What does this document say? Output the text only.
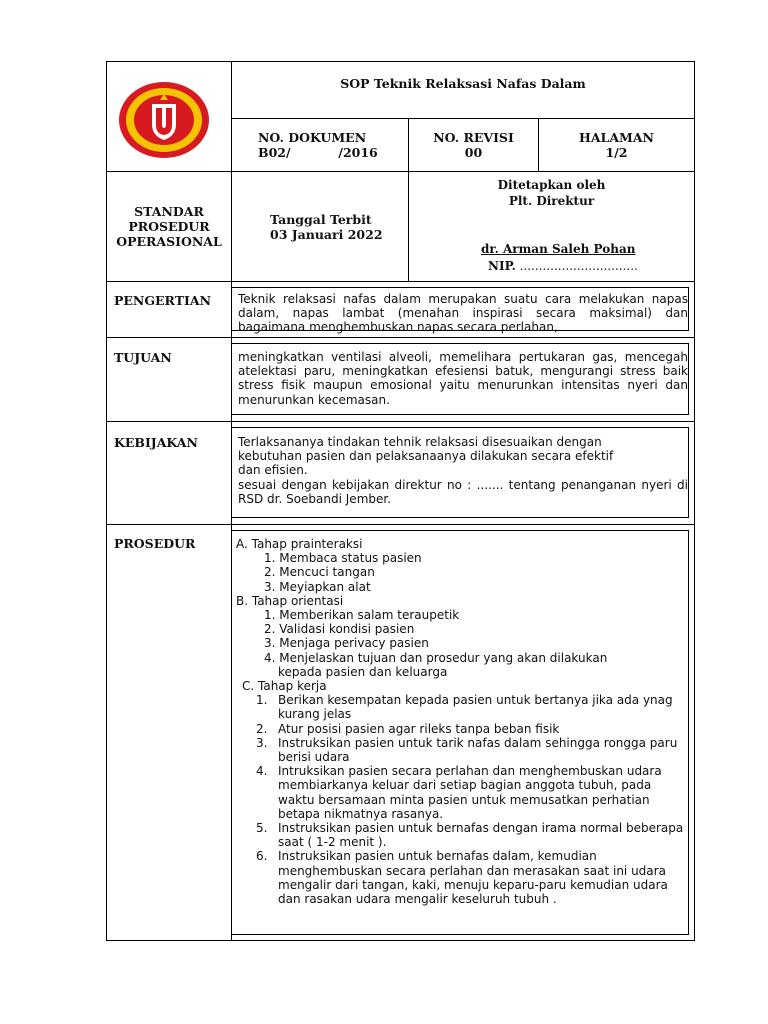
SOP Teknik Relaksasi Nafas Dalam
NO. DOKUMEN
B02/           /2016
NO. REVISI
00
HALAMAN
1/2
STANDAR
PROSEDUR
OPERASIONAL
Tanggal Terbit
03 Januari 2022
Ditetapkan oleh
Plt. Direktur
dr. Arman Saleh Pohan
NIP. ...............................
PENGERTIAN Teknik relaksasi nafas dalam merupakan suatu cara melakukan napas dalam, napas lambat (menahan inspirasi secara maksimal) dan bagaimana menghembuskan napas secara perlahan,
TUJUAN	meningkatkan ventilasi alveoli, memelihara pertukaran gas, mencegah atelektasi paru, meningkatkan efesiensi batuk, mengurangi stress baik stress fisik maupun emosional yaitu menurunkan intensitas nyeri dan menurunkan kecemasan.
KEBIJAKAN	Terlaksananya tindakan tehnik relaksasi disesuaikan dengan
kebutuhan pasien dan pelaksanaanya dilakukan secara efektif
dan efisien.
sesuai dengan kebijakan direktur no : ....... tentang penanganan nyeri di RSD dr. Soebandi Jember.
PROSEDUR	A. Tahap prainteraksi
1. Membaca status pasien
2. Mencuci tangan
3. Meyiapkan alat
B. Tahap orientasi
1. Memberikan salam teraupetik
2. Validasi kondisi pasien
3. Menjaga perivacy pasien
4. Menjelaskan tujuan dan prosedur yang akan dilakukan
kepada pasien dan keluarga
C. Tahap kerja
1. Berikan kesempatan kepada pasien untuk bertanya jika ada ynag kurang jelas
2. Atur posisi pasien agar rileks tanpa beban fisik
3. Instruksikan pasien untuk tarik nafas dalam sehingga rongga paru berisi udara
4. Intruksikan pasien secara perlahan dan menghembuskan udara membiarkanya keluar dari setiap bagian anggota tubuh, pada waktu bersamaan minta pasien untuk memusatkan perhatian betapa nikmatnya rasanya.
5. Instruksikan pasien untuk bernafas dengan irama normal beberapa saat ( 1-2 menit ).
6. Instruksikan pasien untuk bernafas dalam, kemudian menghembuskan secara perlahan dan merasakan saat ini udara mengalir dari tangan, kaki, menuju keparu-paru kemudian udara dan rasakan udara mengalir keseluruh tubuh .
